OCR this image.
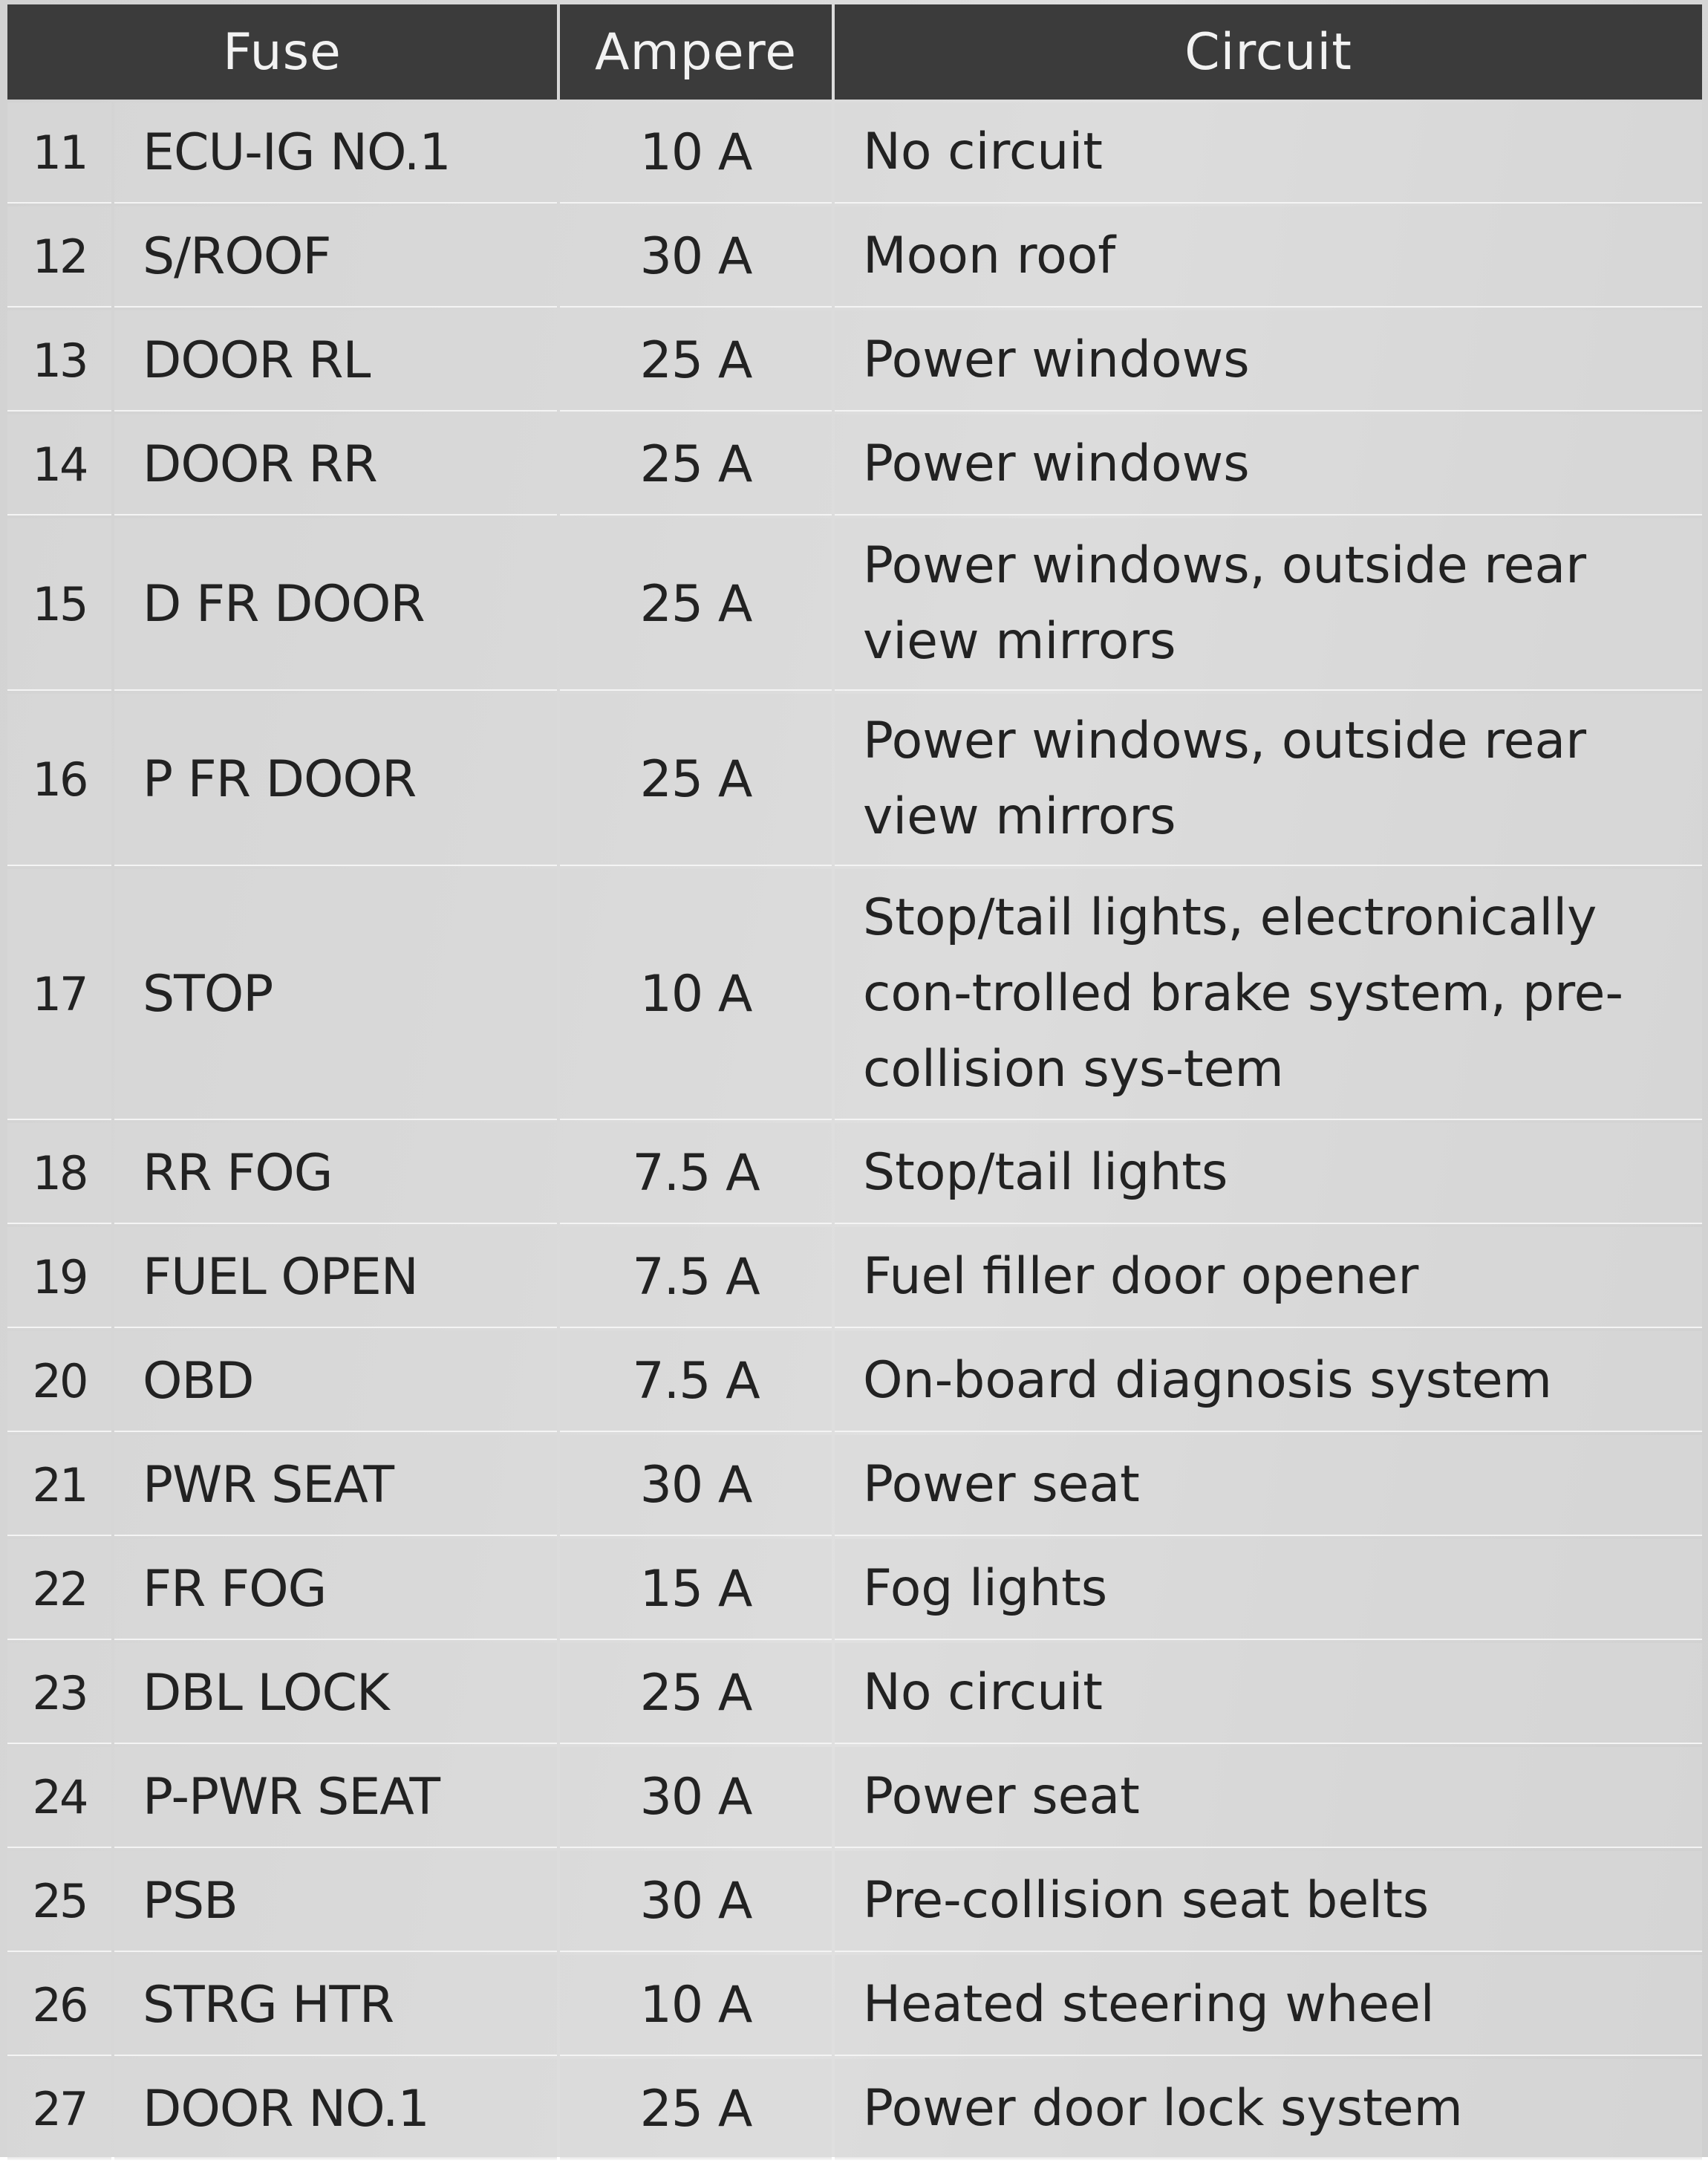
Fuse		Ampere	Circuit
11	ECU-IG NO.1	10 A	No circuit
12	S/ROOF	30 A	Moon roof
13	DOOR RL	25 A	Power windows
14	DOOR RR	25 A	Power windows
15	D FR DOOR	25 A	Power windows, outside rear view mirrors
16	P FR DOOR	25 A	Power windows, outside rear view mirrors
17	STOP	10 A	Stop/tail lights, electronically con-trolled brake system, pre-collision sys-tem
18	RR FOG	7.5 A	Stop/tail lights
19	FUEL OPEN	7.5 A	Fuel filler door opener
20	OBD	7.5 A	On-board diagnosis system
21	PWR SEAT	30 A	Power seat
22	FR FOG	15 A	Fog lights
23	DBL LOCK	25 A	No circuit
24	P-PWR SEAT	30 A	Power seat
25	PSB	30 A	Pre-collision seat belts
26	STRG HTR	10 A	Heated steering wheel
27	DOOR NO.1	25 A	Power door lock system
